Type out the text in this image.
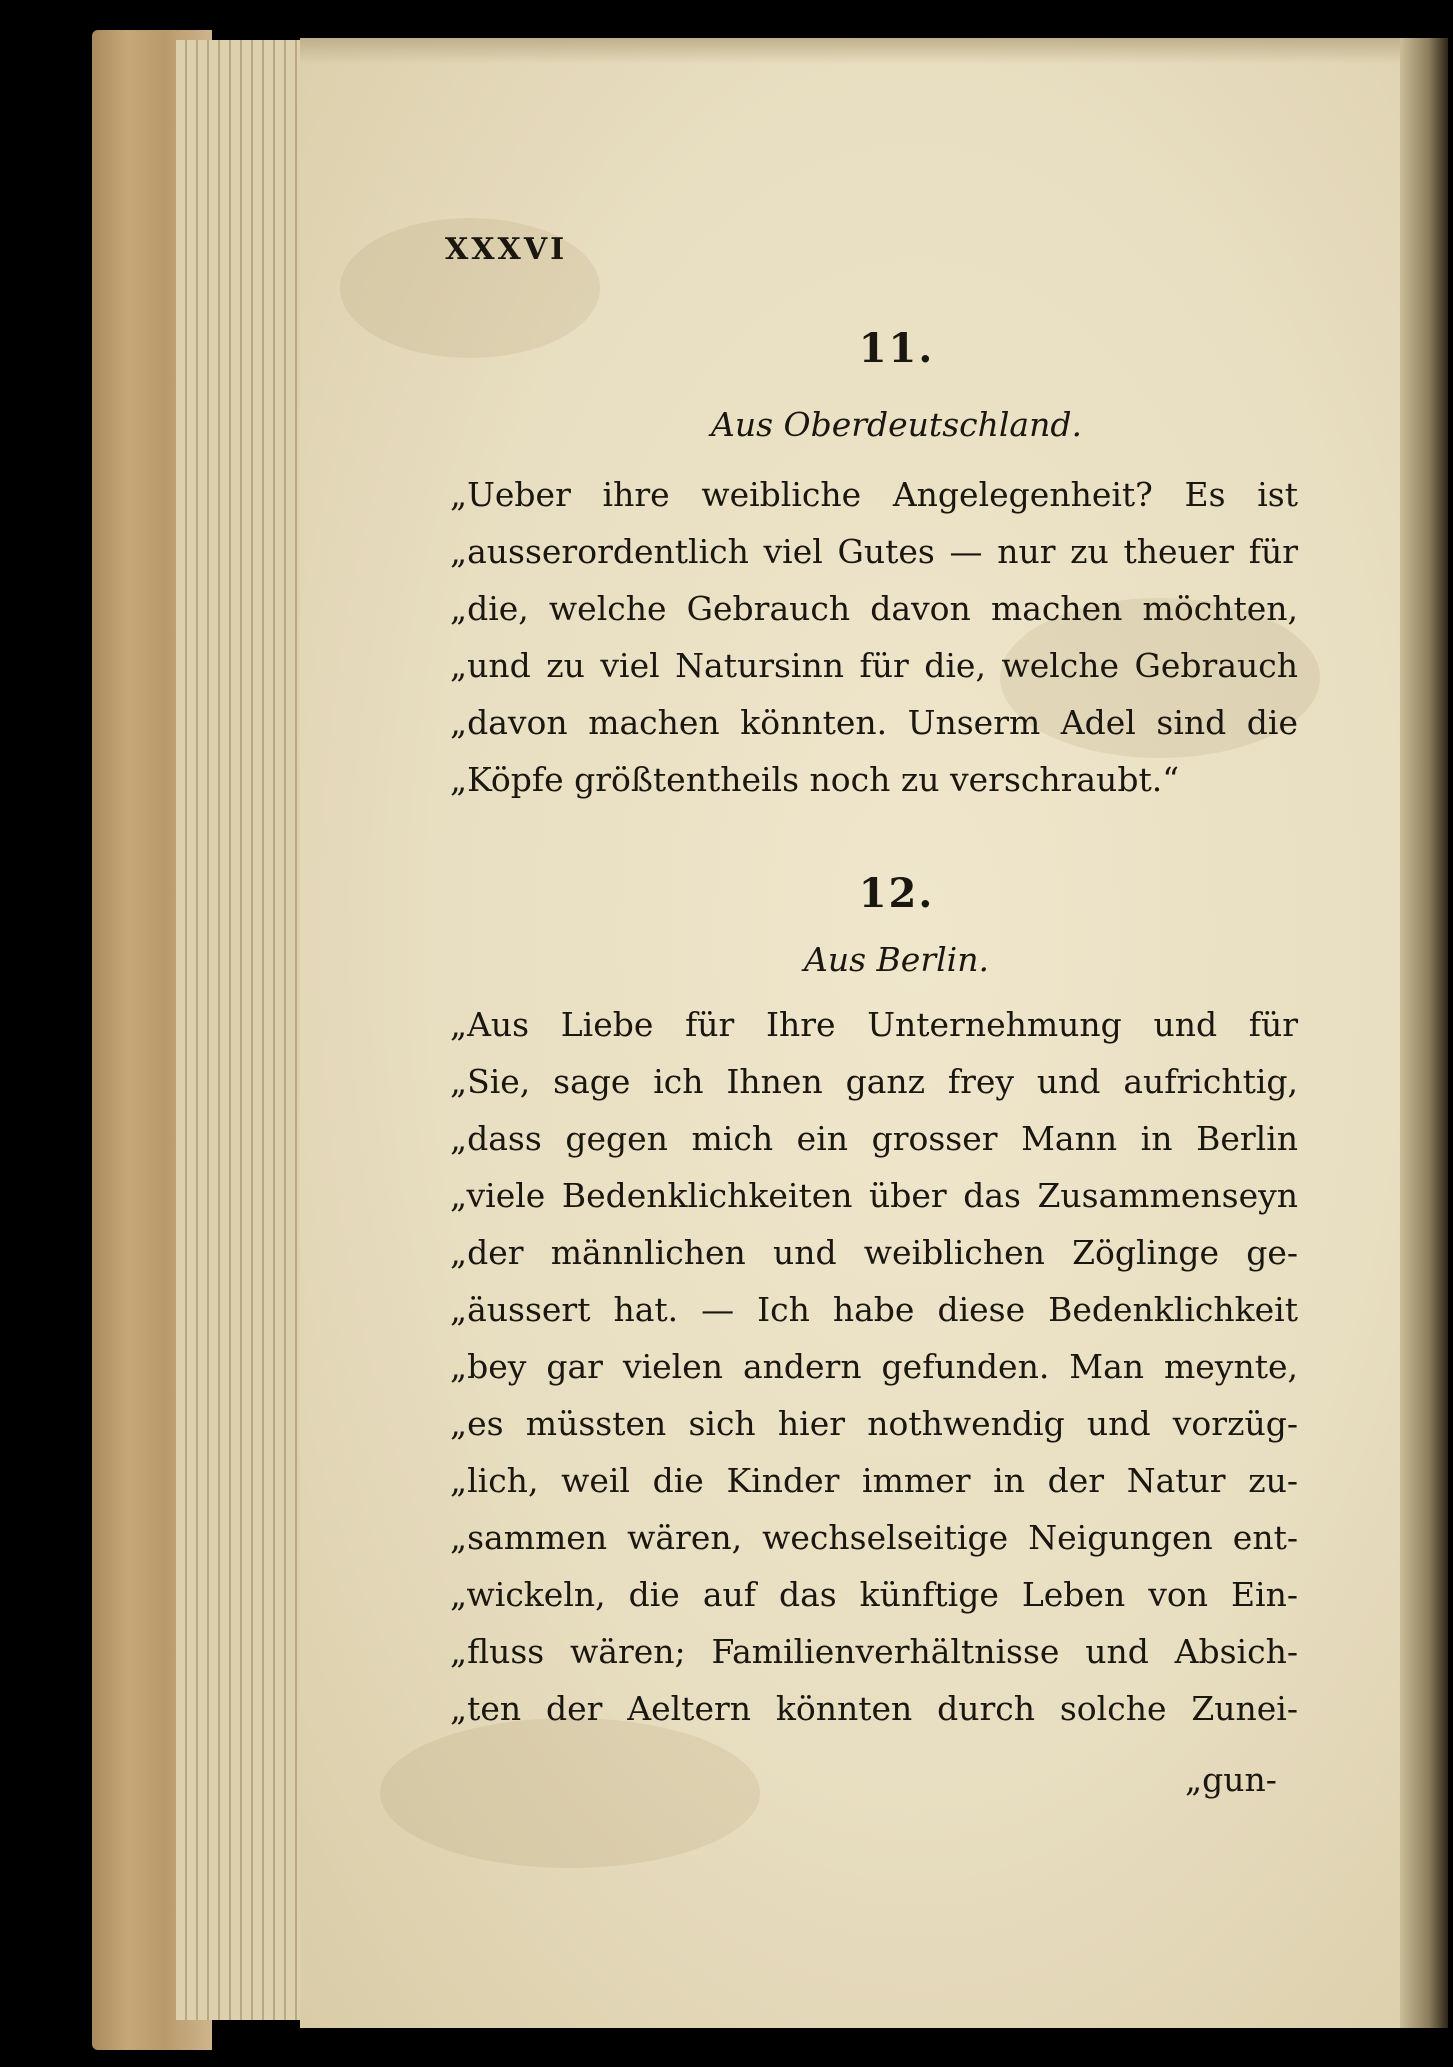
XXXVI

11.

Aus Oberdeutschland.

„Ueber ihre weibliche Angelegenheit? Es ist

„ausserordentlich viel Gutes — nur zu theuer für

„die, welche Gebrauch davon machen möchten,

„und zu viel Natursinn für die, welche Gebrauch

„davon machen könnten. Unserm Adel sind die

„Köpfe größtentheils noch zu verschraubt.“

12.

Aus Berlin.

„Aus Liebe für Ihre Unternehmung und für

„Sie, sage ich Ihnen ganz frey und aufrichtig,

„dass gegen mich ein grosser Mann in Berlin

„viele Bedenklichkeiten über das Zusammenseyn

„der männlichen und weiblichen Zöglinge ge-

„äussert hat. — Ich habe diese Bedenklichkeit

„bey gar vielen andern gefunden. Man meynte,

„es müssten sich hier nothwendig und vorzüg-

„lich, weil die Kinder immer in der Natur zu-

„sammen wären, wechselseitige Neigungen ent-

„wickeln, die auf das künftige Leben von Ein-

„fluss wären; Familienverhältnisse und Absich-

„ten der Aeltern könnten durch solche Zunei-

„gun-
